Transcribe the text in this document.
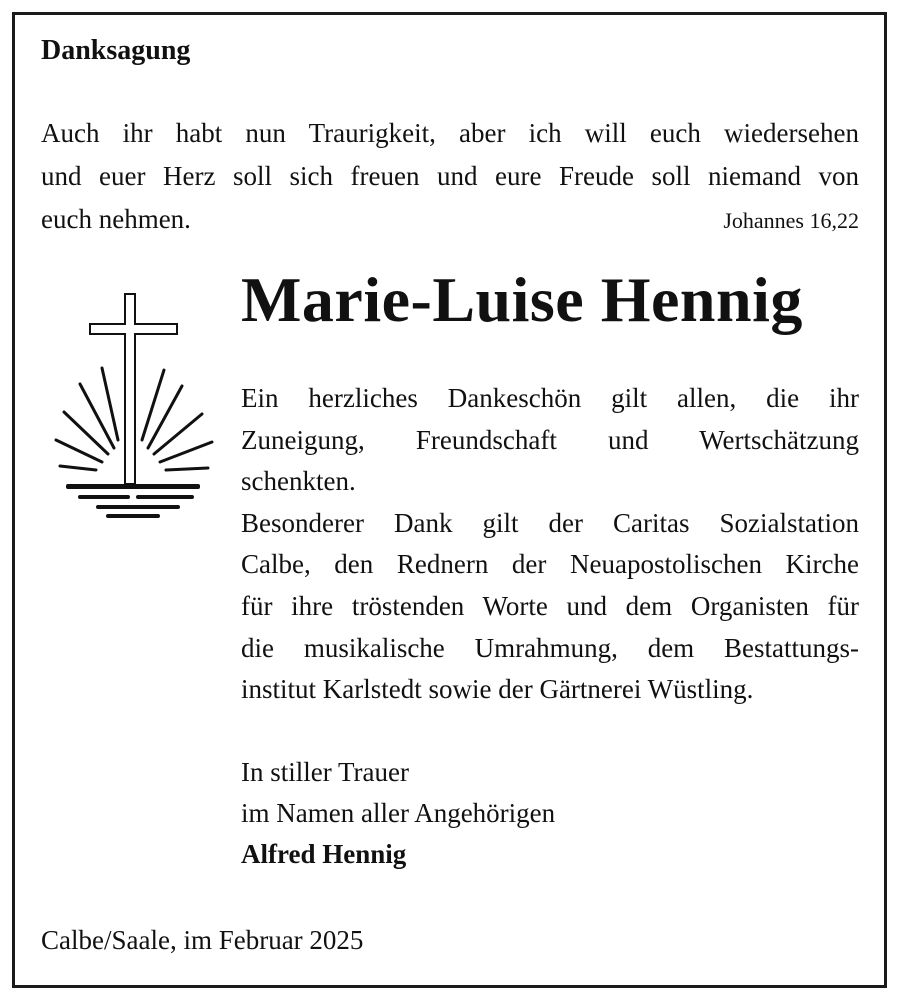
Danksagung
Auch ihr habt nun Traurigkeit, aber ich will euch wiedersehen
und euer Herz soll sich freuen und eure Freude soll niemand von
euch nehmen.	Johannes 16,22
Marie-Luise Hennig

Ein herzliches Dankeschön gilt allen, die ihr
Zuneigung, Freundschaft und Wertschätzung
schenkten.

Besonderer Dank gilt der Caritas Sozialstation
Calbe, den Rednern der Neuapostolischen Kirche
für ihre tröstenden Worte und dem Organisten für
die musikalische Umrahmung, dem Bestattungs-
institut Karlstedt sowie der Gärtnerei Wüstling.

In stiller Trauer
im Namen aller Angehörigen
Alfred Hennig
Calbe/Saale, im Februar 2025
